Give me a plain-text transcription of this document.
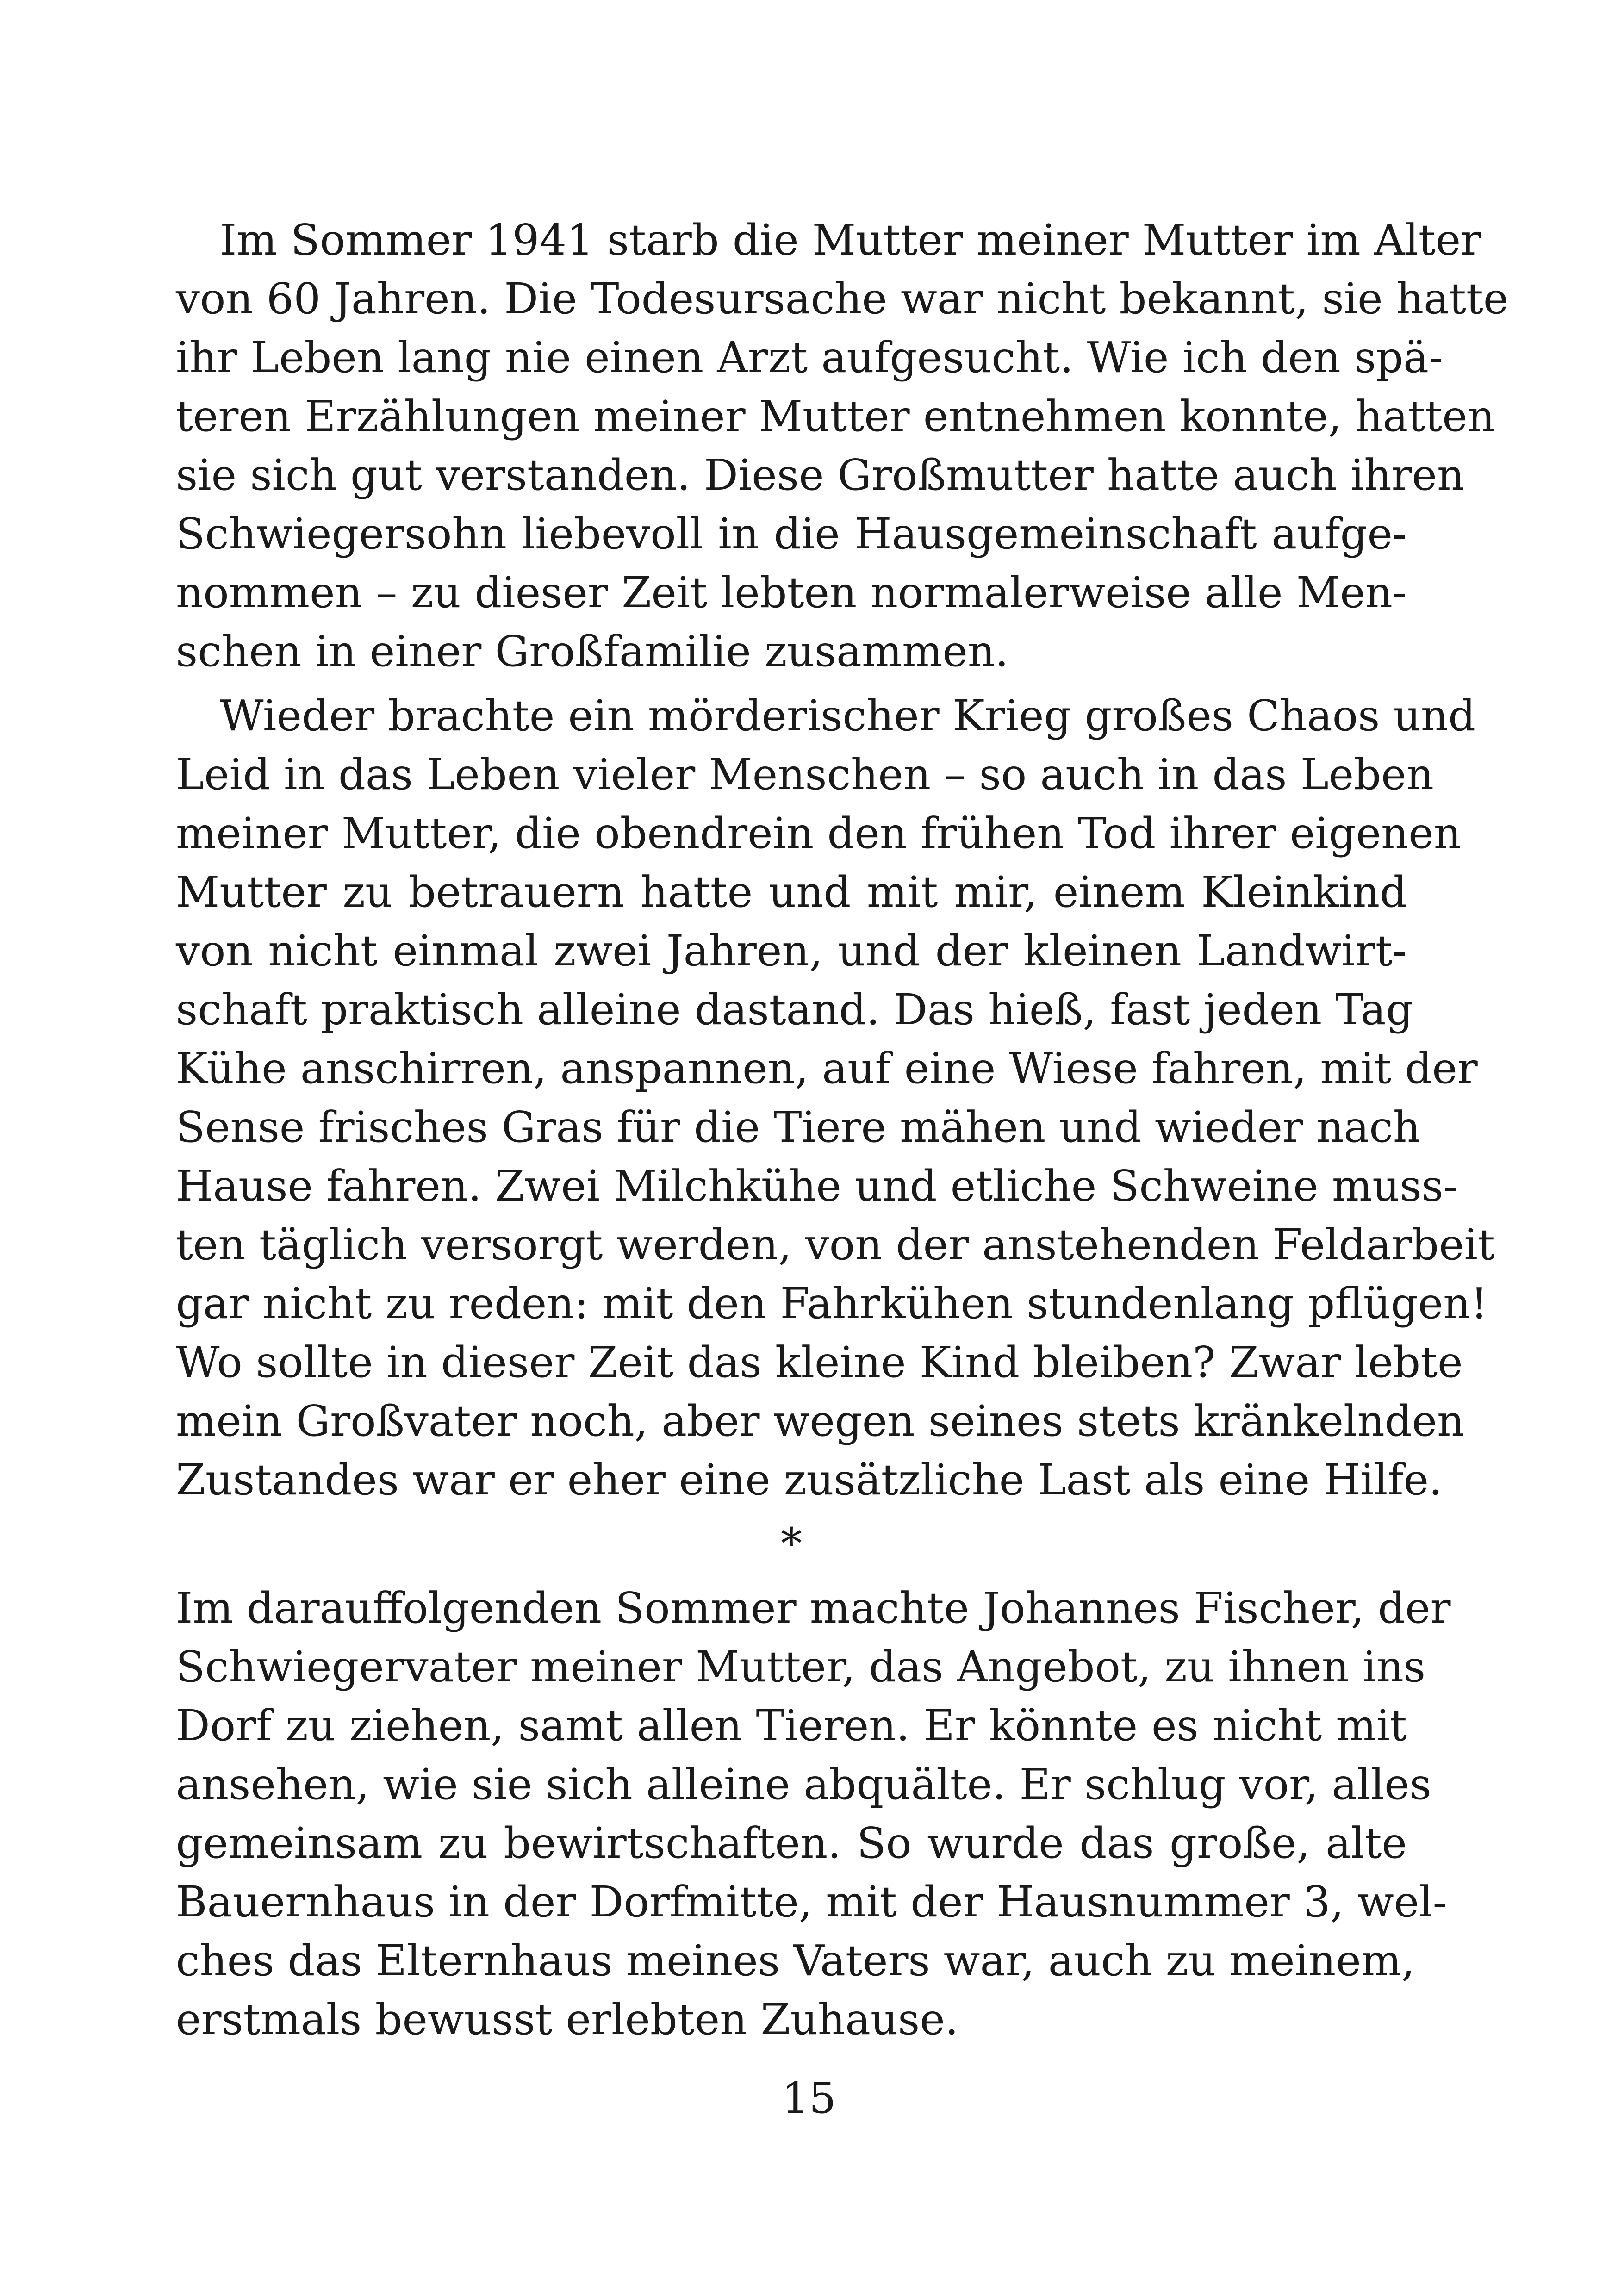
Im Sommer 1941 starb die Mutter meiner Mutter im Alter
von 60 Jahren. Die Todesursache war nicht bekannt, sie hatte
ihr Leben lang nie einen Arzt aufgesucht. Wie ich den spä-
teren Erzählungen meiner Mutter entnehmen konnte, hatten
sie sich gut verstanden. Diese Großmutter hatte auch ihren
Schwiegersohn liebevoll in die Hausgemeinschaft aufge-
nommen – zu dieser Zeit lebten normalerweise alle Men-
schen in einer Großfamilie zusammen.
Wieder brachte ein mörderischer Krieg großes Chaos und
Leid in das Leben vieler Menschen – so auch in das Leben
meiner Mutter, die obendrein den frühen Tod ihrer eigenen
Mutter zu betrauern hatte und mit mir, einem Kleinkind
von nicht einmal zwei Jahren, und der kleinen Landwirt-
schaft praktisch alleine dastand. Das hieß, fast jeden Tag
Kühe anschirren, anspannen, auf eine Wiese fahren, mit der
Sense frisches Gras für die Tiere mähen und wieder nach
Hause fahren. Zwei Milchkühe und etliche Schweine muss-
ten täglich versorgt werden, von der anstehenden Feldarbeit
gar nicht zu reden: mit den Fahrkühen stundenlang pflügen!
Wo sollte in dieser Zeit das kleine Kind bleiben? Zwar lebte
mein Großvater noch, aber wegen seines stets kränkelnden
Zustandes war er eher eine zusätzliche Last als eine Hilfe.
*
Im darauffolgenden Sommer machte Johannes Fischer, der
Schwiegervater meiner Mutter, das Angebot, zu ihnen ins
Dorf zu ziehen, samt allen Tieren. Er könnte es nicht mit
ansehen, wie sie sich alleine abquälte. Er schlug vor, alles
gemeinsam zu bewirtschaften. So wurde das große, alte
Bauernhaus in der Dorfmitte, mit der Hausnummer 3, wel-
ches das Elternhaus meines Vaters war, auch zu meinem,
erstmals bewusst erlebten Zuhause.
15
